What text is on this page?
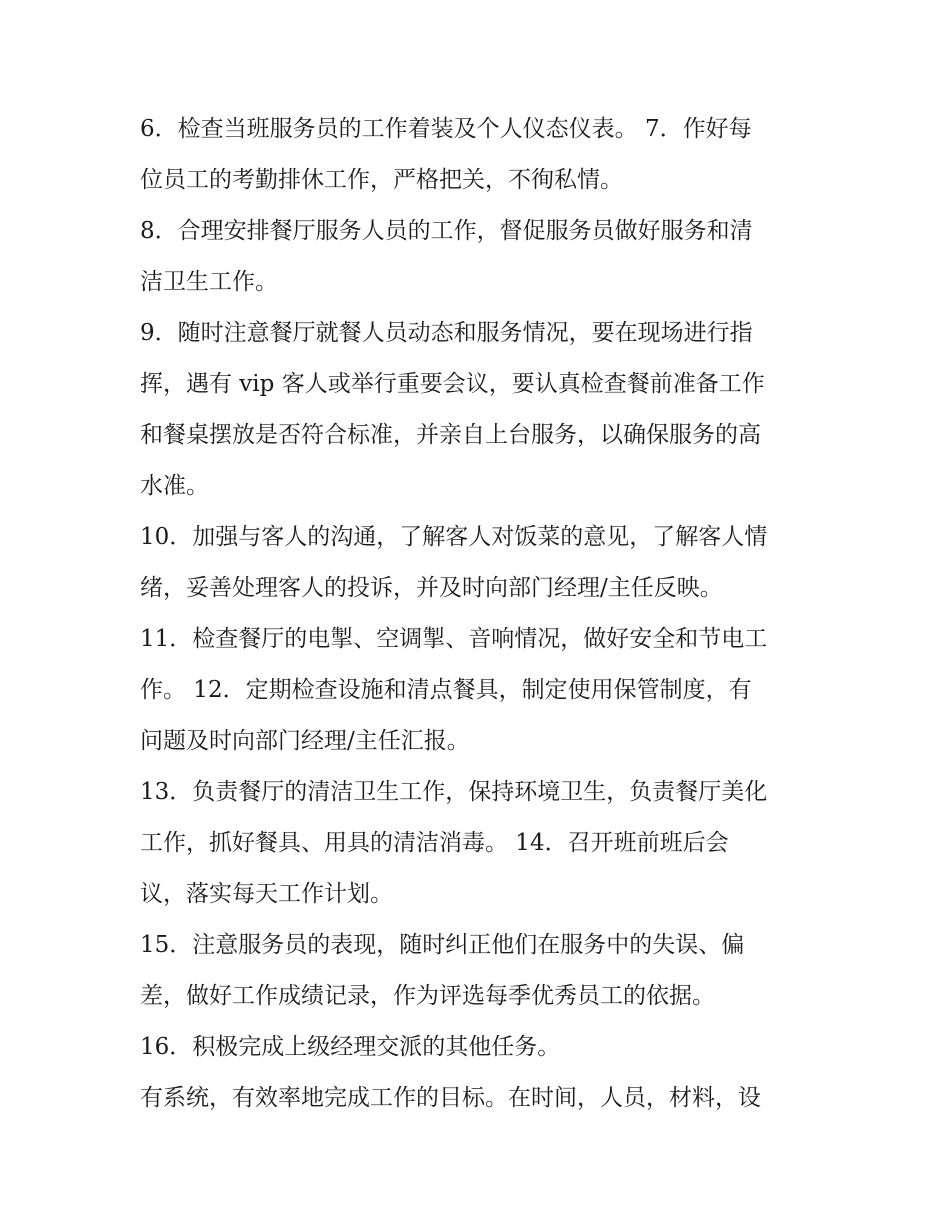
6．检查当班服务员的工作着装及个人仪态仪表。 7．作好每
位员工的考勤排休工作，严格把关，不徇私情。
8．合理安排餐厅服务人员的工作，督促服务员做好服务和清
洁卫生工作。
9．随时注意餐厅就餐人员动态和服务情况，要在现场进行指
挥，遇有 vip 客人或举行重要会议，要认真检查餐前准备工作
和餐桌摆放是否符合标准，并亲自上台服务，以确保服务的高
水准。
10．加强与客人的沟通，了解客人对饭菜的意见，了解客人情
绪，妥善处理客人的投诉，并及时向部门经理/主任反映。
11．检查餐厅的电掣、空调掣、音响情况，做好安全和节电工
作。 12．定期检查设施和清点餐具，制定使用保管制度，有
问题及时向部门经理/主任汇报。
13．负责餐厅的清洁卫生工作，保持环境卫生，负责餐厅美化
工作，抓好餐具、用具的清洁消毒。 14．召开班前班后会
议，落实每天工作计划。
15．注意服务员的表现，随时纠正他们在服务中的失误、偏
差，做好工作成绩记录，作为评选每季优秀员工的依据。
16．积极完成上级经理交派的其他任务。
有系统，有效率地完成工作的目标。在时间，人员，材料，设
